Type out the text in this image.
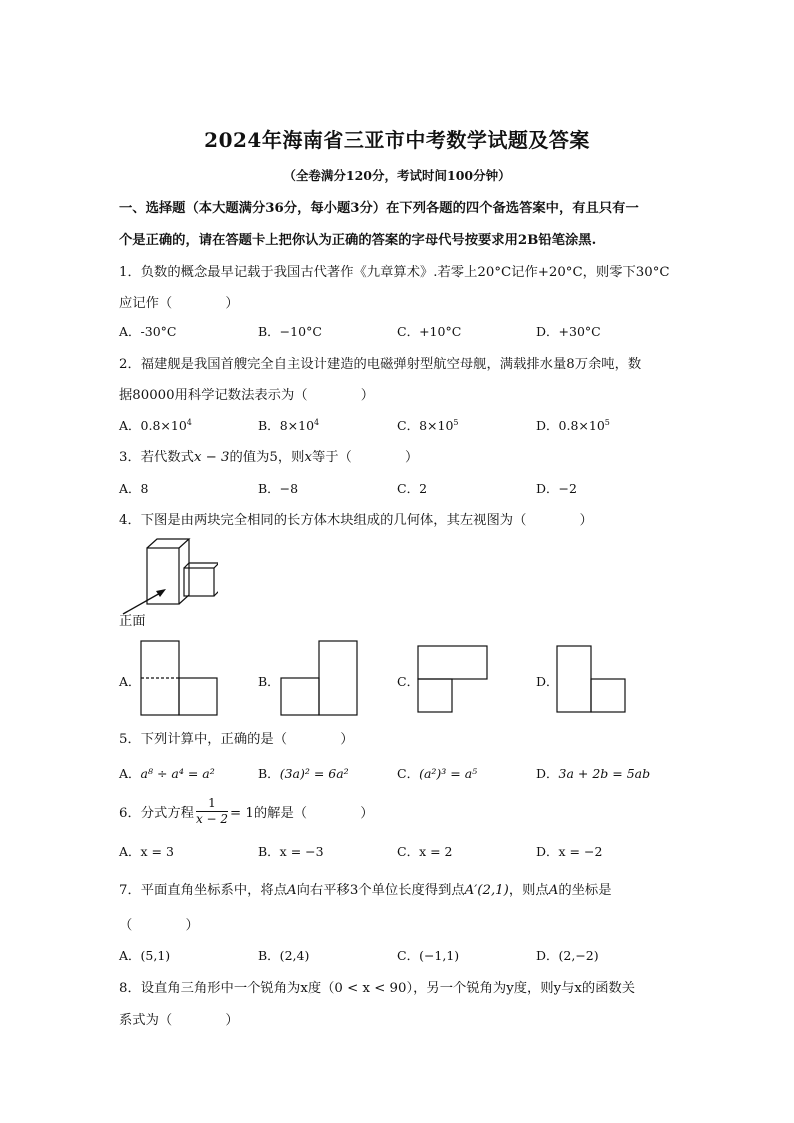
2024年海南省三亚市中考数学试题及答案
（全卷满分120分，考试时间100分钟）
一、选择题（本大题满分36分，每小题3分）在下列各题的四个备选答案中，有且只有一
个是正确的，请在答题卡上把你认为正确的答案的字母代号按要求用2B铅笔涂黑.
1．负数的概念最早记载于我国古代著作《九章算术》.若零上20°C记作+20°C，则零下30°C
应记作（　　　　）
A．-30°C	B．−10°C	C．+10°C	D．+30°C
2．福建舰是我国首艘完全自主设计建造的电磁弹射型航空母舰，满载排水量8万余吨，数
据80000用科学记数法表示为（　　　　）
A．$0.8\times 10^4$	B．$8\times 10^4$	C．$8\times 10^5$	D．$0.8\times 10^5$
3．若代数式x − 3的值为5，则x等于（　　　　）
A．8	B．−8	C．2	D．−2
4．下图是由两块完全相同的长方体木块组成的几何体，其左视图为（　　　　）
正面
A．	B．	C．	D．
5．下列计算中，正确的是（　　　　）
A．a⁸ ÷ a⁴ = a²	B．(3a)² = 6a²	C．(a²)³ = a⁵	D．3a + 2b = 5ab
6．分式方程 $\frac{1}{x - 2} = 1$的解是（　　　　）
A．x = 3	B．x = −3	C．x = 2	D．x = −2
7．平面直角坐标系中，将点A向右平移3个单位长度得到点A′(2,1)，则点A的坐标是
（　　　　）
A．(5,1)	B．(2,4)	C．(−1,1)	D．(2,−2)
8．设直角三角形中一个锐角为x度（0 < x < 90），另一个锐角为y度，则y与x的函数关
系式为（　　　　）
